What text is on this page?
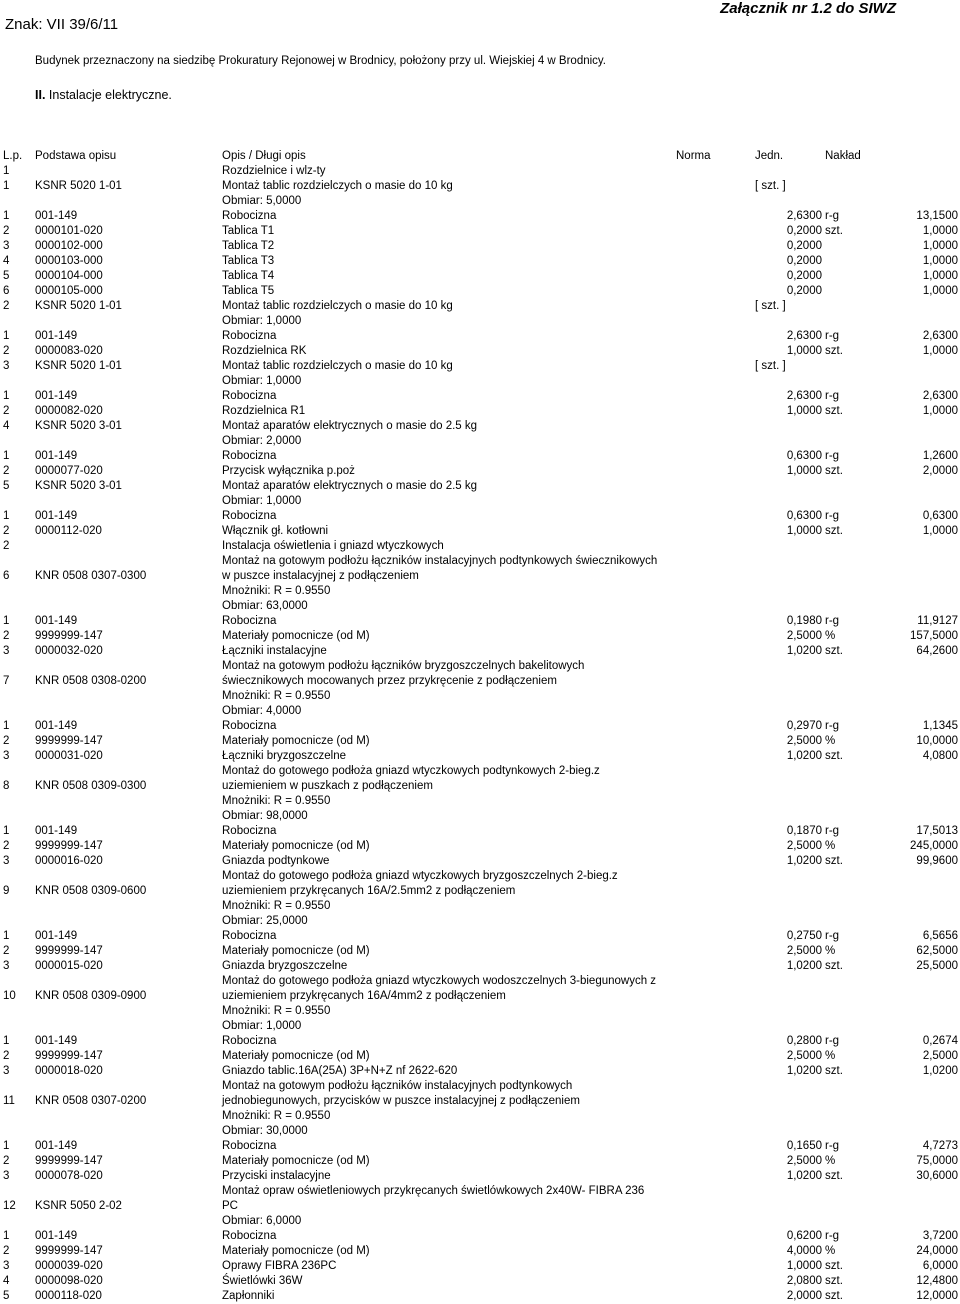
Znak: VII 39/6/11
Załącznik nr 1.2 do SIWZ
Budynek przeznaczony na siedzibę Prokuratury Rejonowej w Brodnicy, położony przy ul. Wiejskiej 4 w Brodnicy.
II. Instalacje elektryczne.
L.p. Podstawa opisu	Opis / Długi opis	Norma	Jedn.	Nakład
1	Rozdzielnice i wlz-ty
1 KSNR 5020 1-01	Montaż tablic rozdzielczych o masie do 10 kg	[ szt. ]
Obmiar: 5,0000
1 001-149	Robocizna	2,6300 r-g	13,1500
2 0000101-020	Tablica T1	0,2000 szt.	1,0000
3 0000102-000	Tablica T2	0,2000	1,0000
4 0000103-000	Tablica T3	0,2000	1,0000
5 0000104-000	Tablica T4	0,2000	1,0000
6 0000105-000	Tablica T5	0,2000	1,0000
2 KSNR 5020 1-01	Montaż tablic rozdzielczych o masie do 10 kg	[ szt. ]
Obmiar: 1,0000
1 001-149	Robocizna	2,6300 r-g	2,6300
2 0000083-020	Rozdzielnica RK	1,0000 szt.	1,0000
3 KSNR 5020 1-01	Montaż tablic rozdzielczych o masie do 10 kg	[ szt. ]
Obmiar: 1,0000
1 001-149	Robocizna	2,6300 r-g	2,6300
2 0000082-020	Rozdzielnica R1	1,0000 szt.	1,0000
4 KSNR 5020 3-01	Montaż aparatów elektrycznych o masie do 2.5 kg
Obmiar: 2,0000
1 001-149	Robocizna	0,6300 r-g	1,2600
2 0000077-020	Przycisk wyłącznika p.poż	1,0000 szt.	2,0000
5 KSNR 5020 3-01	Montaż aparatów elektrycznych o masie do 2.5 kg
Obmiar: 1,0000
1 001-149	Robocizna	0,6300 r-g	0,6300
2 0000112-020	Włącznik gł. kotłowni	1,0000 szt.	1,0000
2	Instalacja oświetlenia i gniazd wtyczkowych
6 KNR 0508 0307-0300
Montaż na gotowym podłożu łączników instalacyjnych podtynkowych świecznikowych w puszce instalacyjnej z podłączeniem
Mnożniki: R = 0.9550
Obmiar: 63,0000
1 001-149	Robocizna	0,1980 r-g	11,9127
2 9999999-147	Materiały pomocnicze (od M)	2,5000 %	157,5000
3 0000032-020	Łączniki instalacyjne	1,0200 szt.	64,2600
7 KNR 0508 0308-0200
Montaż na gotowym podłożu łączników bryzgoszczelnych bakelitowych świecznikowych mocowanych przez przykręcenie z podłączeniem
Mnożniki: R = 0.9550
Obmiar: 4,0000
1 001-149	Robocizna	0,2970 r-g	1,1345
2 9999999-147	Materiały pomocnicze (od M)	2,5000 %	10,0000
3 0000031-020	Łączniki bryzgoszczelne	1,0200 szt.	4,0800
8 KNR 0508 0309-0300
Montaż do gotowego podłoża gniazd wtyczkowych podtynkowych 2-bieg.z uziemieniem w puszkach z podłączeniem
Mnożniki: R = 0.9550
Obmiar: 98,0000
1 001-149	Robocizna	0,1870 r-g	17,5013
2 9999999-147	Materiały pomocnicze (od M)	2,5000 %	245,0000
3 0000016-020	Gniazda podtynkowe	1,0200 szt.	99,9600
9 KNR 0508 0309-0600
Montaż do gotowego podłoża gniazd wtyczkowych bryzgoszczelnych 2-bieg.z uziemieniem przykręcanych 16A/2.5mm2 z podłączeniem
Mnożniki: R = 0.9550
Obmiar: 25,0000
1 001-149	Robocizna	0,2750 r-g	6,5656
2 9999999-147	Materiały pomocnicze (od M)	2,5000 %	62,5000
3 0000015-020	Gniazda bryzgoszczelne	1,0200 szt.	25,5000
10 KNR 0508 0309-0900
Montaż do gotowego podłoża gniazd wtyczkowych wodoszczelnych 3-biegunowych z uziemieniem przykręcanych 16A/4mm2 z podłączeniem
Mnożniki: R = 0.9550
Obmiar: 1,0000
1 001-149	Robocizna	0,2800 r-g	0,2674
2 9999999-147	Materiały pomocnicze (od M)	2,5000 %	2,5000
3 0000018-020	Gniazdo tablic.16A(25A) 3P+N+Z nf 2622-620	1,0200 szt.	1,0200
11 KNR 0508 0307-0200
Montaż na gotowym podłożu łączników instalacyjnych podtynkowych jednobiegunowych, przycisków w puszce instalacyjnej z podłączeniem
Mnożniki: R = 0.9550
Obmiar: 30,0000
1 001-149	Robocizna	0,1650 r-g	4,7273
2 9999999-147	Materiały pomocnicze (od M)	2,5000 %	75,0000
3 0000078-020	Przyciski instalacyjne	1,0200 szt.	30,6000
12 KSNR 5050 2-02
Montaż opraw oświetleniowych przykręcanych świetlówkowych 2x40W- FIBRA 236 PC
Obmiar: 6,0000
1 001-149	Robocizna	0,6200 r-g	3,7200
2 9999999-147	Materiały pomocnicze (od M)	4,0000 %	24,0000
3 0000039-020	Oprawy FIBRA 236PC	1,0000 szt.	6,0000
4 0000098-020	Świetlówki 36W	2,0800 szt.	12,4800
5 0000118-020	Zapłonniki	2,0000 szt.	12,0000
